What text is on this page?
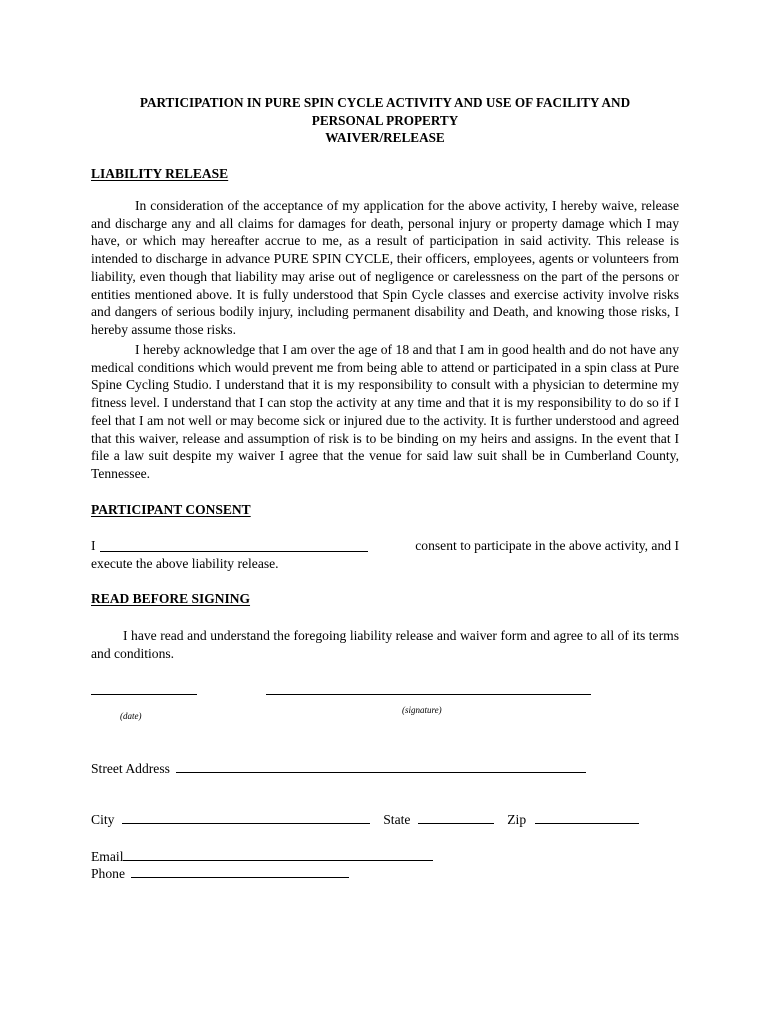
PARTICIPATION IN PURE SPIN CYCLE ACTIVITY AND USE OF FACILITY AND
PERSONAL PROPERTY
WAIVER/RELEASE
LIABILITY RELEASE

In consideration of the acceptance of my application for the above activity, I hereby waive, release and discharge any and all claims for damages for death, personal injury or property damage which I may have, or which may hereafter accrue to me, as a result of participation in said activity. This release is intended to discharge in advance PURE SPIN CYCLE, their officers, employees, agents or volunteers from liability, even though that liability may arise out of negligence or carelessness on the part of the persons or entities mentioned above. It is fully understood that Spin Cycle classes and exercise activity involve risks and dangers of serious bodily injury, including permanent disability and Death, and knowing those risks, I hereby assume those risks.

I hereby acknowledge that I am over the age of 18 and that I am in good health and do not have any medical conditions which would prevent me from being able to attend or participated in a spin class at Pure Spine Cycling Studio. I understand that it is my responsibility to consult with a physician to determine my fitness level. I understand that I can stop the activity at any time and that it is my responsibility to do so if I feel that I am not well or may become sick or injured due to the activity. It is further understood and agreed that this waiver, release and assumption of risk is to be binding on my heirs and assigns. In the event that I file a law suit despite my waiver I agree that the venue for said law suit shall be in Cumberland County, Tennessee.

PARTICIPANT CONSENT
I	consent to participate in the above activity, and I
execute the above liability release.
READ BEFORE SIGNING

I have read and understand the foregoing liability release and waiver form and agree to all of its terms and conditions.

(date)
(signature)
Street Address
City	State	Zip
Email
Phone
